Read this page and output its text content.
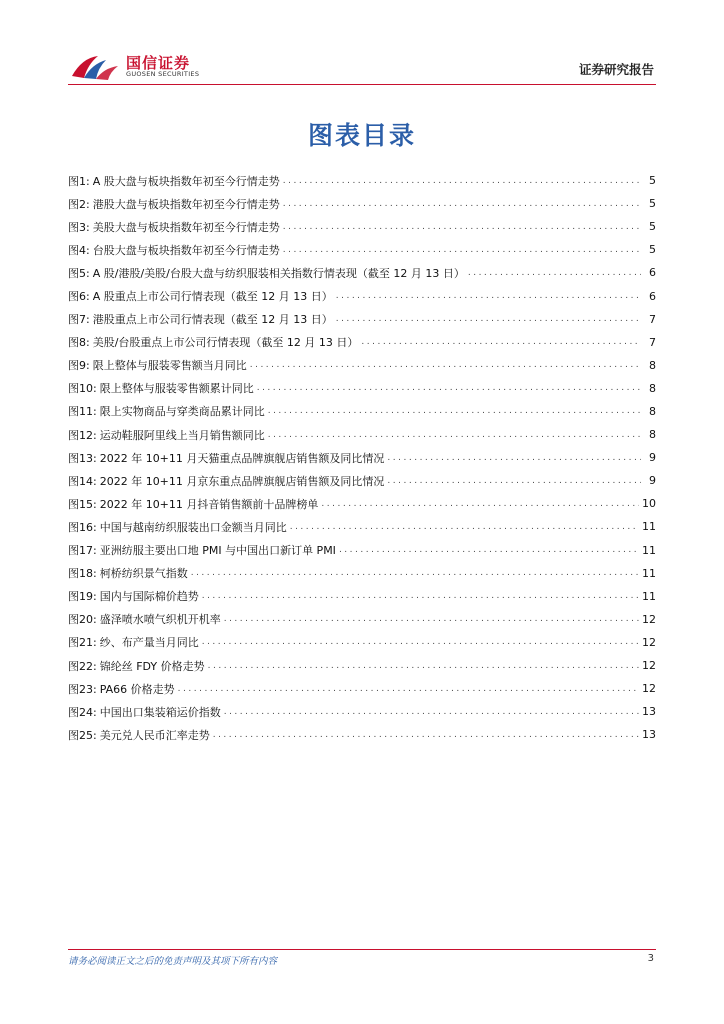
国信证券
GUOSEN SECURITIES	证券研究报告
图表目录
图1: A 股大盘与板块指数年初至今行情走势 .....	5
图2: 港股大盘与板块指数年初至今行情走势 .....	5
图3: 美股大盘与板块指数年初至今行情走势 .....	5
图4: 台股大盘与板块指数年初至今行情走势 .....	5
图5: A 股/港股/美股/台股大盘与纺织服装相关指数行情表现（截至 12 月 13 日） .....	6
图6: A 股重点上市公司行情表现（截至 12 月 13 日） .....	6
图7: 港股重点上市公司行情表现（截至 12 月 13 日） .....	7
图8: 美股/台股重点上市公司行情表现（截至 12 月 13 日） .....	7
图9: 限上整体与服装零售额当月同比 .....	8
图10: 限上整体与服装零售额累计同比 .....	8
图11: 限上实物商品与穿类商品累计同比 .....	8
图12: 运动鞋服阿里线上当月销售额同比 .....	8
图13: 2022 年 10+11 月天猫重点品牌旗舰店销售额及同比情况 .....	9
图14: 2022 年 10+11 月京东重点品牌旗舰店销售额及同比情况 .....	9
图15: 2022 年 10+11 月抖音销售额前十品牌榜单 .....	10
图16: 中国与越南纺织服装出口金额当月同比 .....	11
图17: 亚洲纺服主要出口地 PMI 与中国出口新订单 PMI .....	11
图18: 柯桥纺织景气指数 .....	11
图19: 国内与国际棉价趋势 .....	11
图20: 盛泽喷水喷气织机开机率 .....	12
图21: 纱、布产量当月同比 .....	12
图22: 锦纶丝 FDY 价格走势 .....	12
图23: PA66 价格走势 .....	12
图24: 中国出口集装箱运价指数 .....	13
图25: 美元兑人民币汇率走势 .....	13
请务必阅读正文之后的免责声明及其项下所有内容	3
